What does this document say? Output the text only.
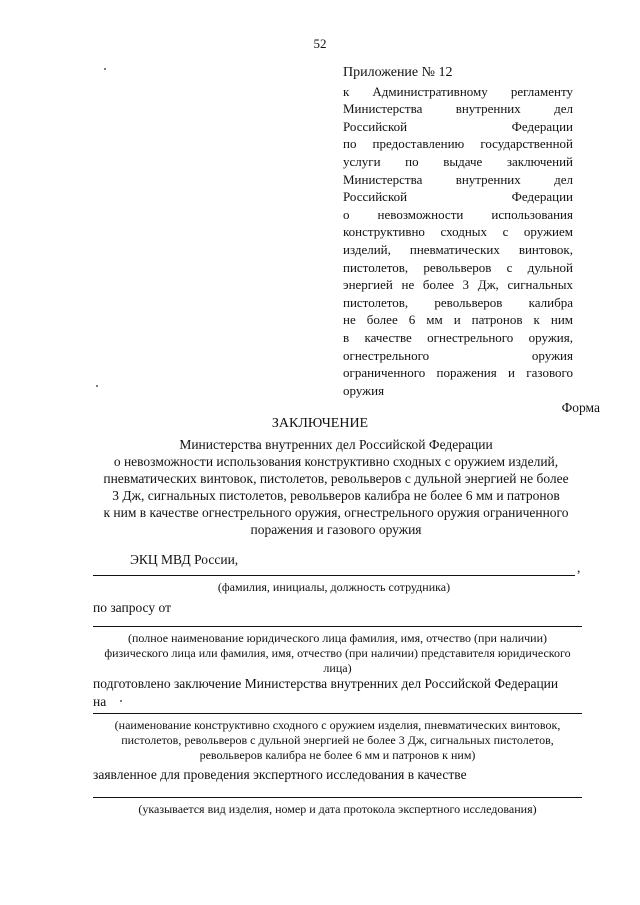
52
Приложение № 12
к Административному регламенту
Министерства внутренних дел
Российской Федерации
по предоставлению государственной
услуги по выдаче заключений
Министерства внутренних дел
Российской Федерации
о невозможности использования
конструктивно сходных с оружием
изделий, пневматических винтовок,
пистолетов, револьверов с дульной
энергией не более 3 Дж, сигнальных
пистолетов, револьверов калибра
не более 6 мм и патронов к ним
в качестве огнестрельного оружия,
огнестрельного оружия
ограниченного поражения и газового
оружия
Форма
ЗАКЛЮЧЕНИЕ
Министерства внутренних дел Российской Федерации
о невозможности использования конструктивно сходных с оружием изделий,
пневматических винтовок, пистолетов, револьверов с дульной энергией не более
3 Дж, сигнальных пистолетов, револьверов калибра не более 6 мм и патронов
к ним в качестве огнестрельного оружия, огнестрельного оружия ограниченного
поражения и газового оружия
ЭКЦ МВД России,
,
(фамилия, инициалы, должность сотрудника)
по запросу от
(полное наименование юридического лица фамилия, имя, отчество (при наличии)
физического лица или фамилия, имя, отчество (при наличии) представителя юридического
лица)
подготовлено заключение Министерства внутренних дел Российской Федерации
на
(наименование конструктивно сходного с оружием изделия, пневматических винтовок,
пистолетов, револьверов с дульной энергией не более 3 Дж, сигнальных пистолетов,
револьверов калибра не более 6 мм и патронов к ним)
заявленное для проведения экспертного исследования в качестве
(указывается вид изделия, номер и дата протокола экспертного исследования)
